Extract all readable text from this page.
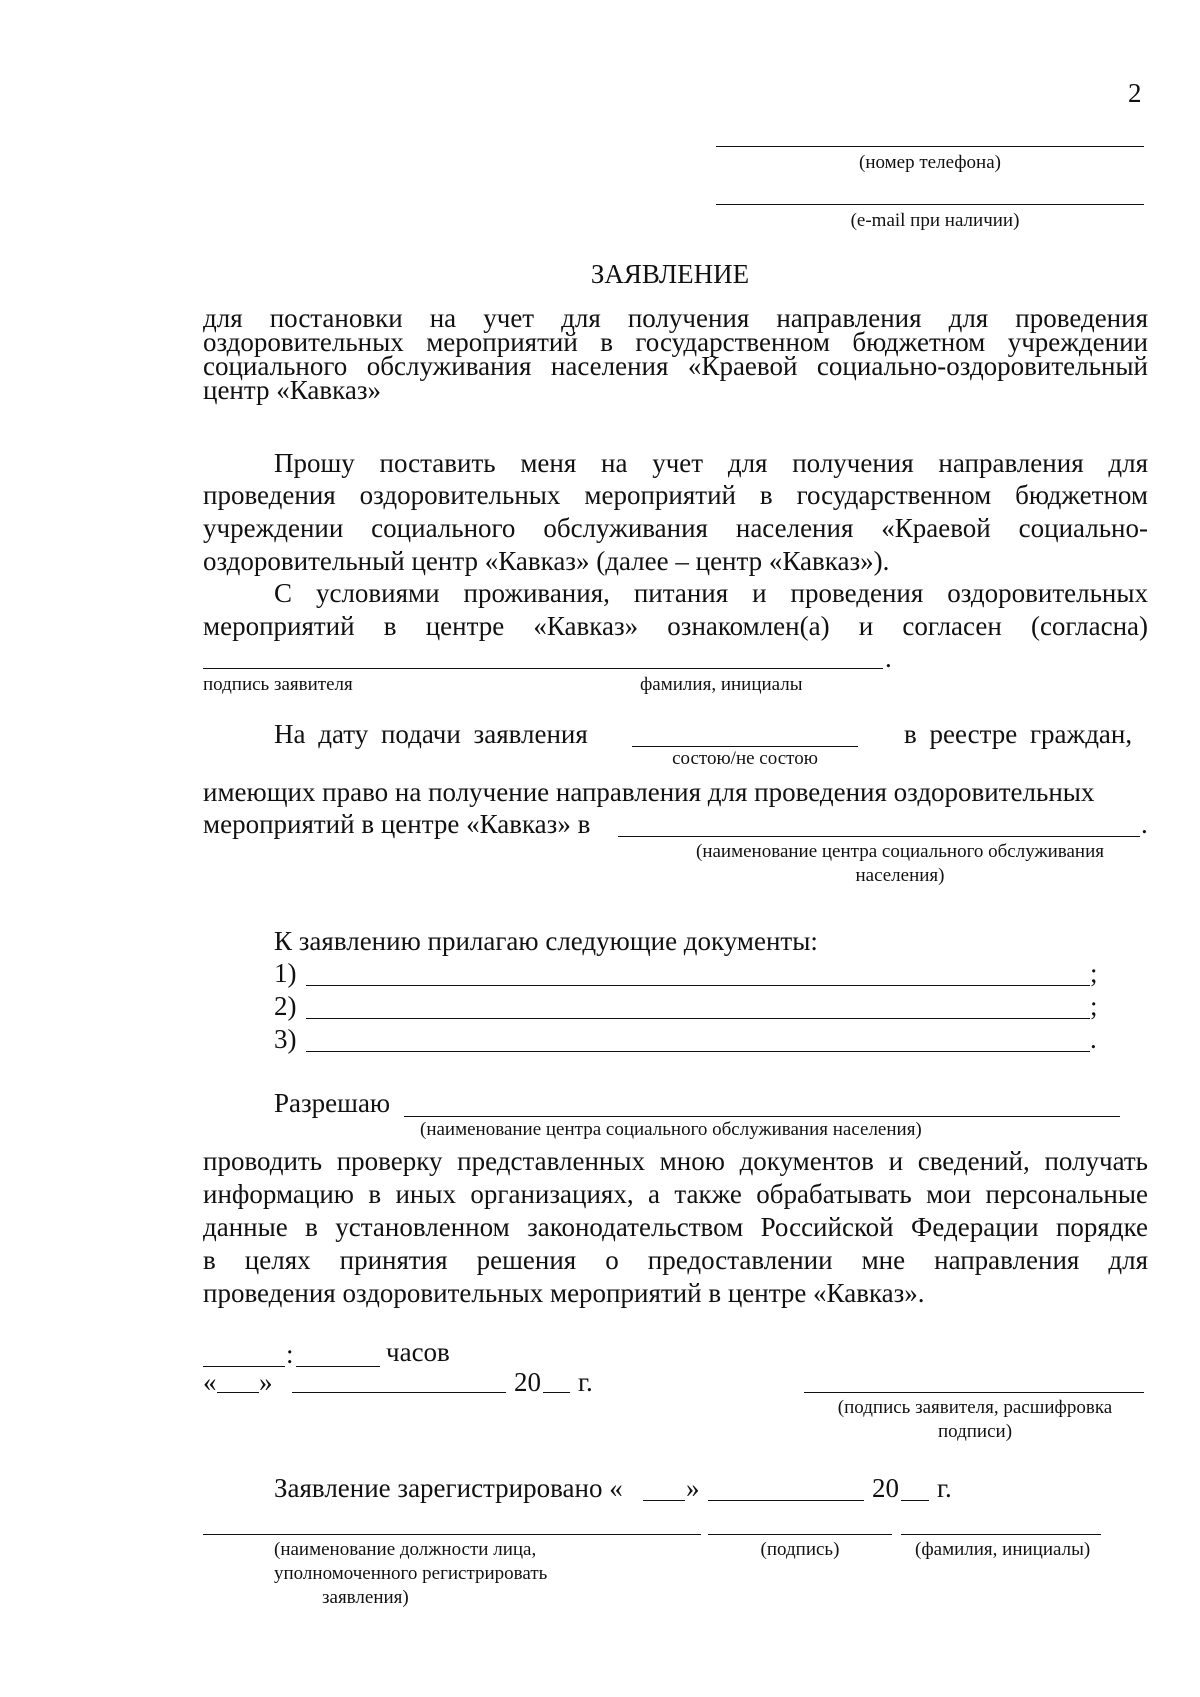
2
(номер телефона)
(e-mail при наличии)
ЗАЯВЛЕНИЕ
для постановки на учет для получения направления для проведения
оздоровительных мероприятий в государственном бюджетном учреждении
социального обслуживания населения «Краевой социально-оздоровительный
центр «Кавказ»
Прошу поставить меня на учет для получения направления для
проведения оздоровительных мероприятий в государственном бюджетном
учреждении социального обслуживания населения «Краевой социально-
оздоровительный центр «Кавказ» (далее – центр «Кавказ»).
С условиями проживания, питания и проведения оздоровительных
мероприятий в центре «Кавказ» ознакомлен(а) и согласен (согласна)
.
подпись заявителя	фамилия, инициалы
На дату подачи заявления	в реестре граждан,
состою/не состою
имеющих право на получение направления для проведения оздоровительных
мероприятий в центре «Кавказ» в	.
(наименование центра социального обслуживания
населения)
К заявлению прилагаю следующие документы:
1)	;
2)	;
3)	.
Разрешаю
(наименование центра социального обслуживания населения)
проводить проверку представленных мною документов и сведений, получать
информацию в иных организациях, а также обрабатывать мои персональные
данные в установленном законодательством Российской Федерации порядке
в целях принятия решения о предоставлении мне направления для
проведения оздоровительных мероприятий в центре «Кавказ».
:	часов
« »	20 г.
(подпись заявителя, расшифровка
подписи)
Заявление зарегистрировано « »	20 г.
(наименование должности лица,
уполномоченного регистрировать
заявления)
(подпись)	(фамилия, инициалы)
